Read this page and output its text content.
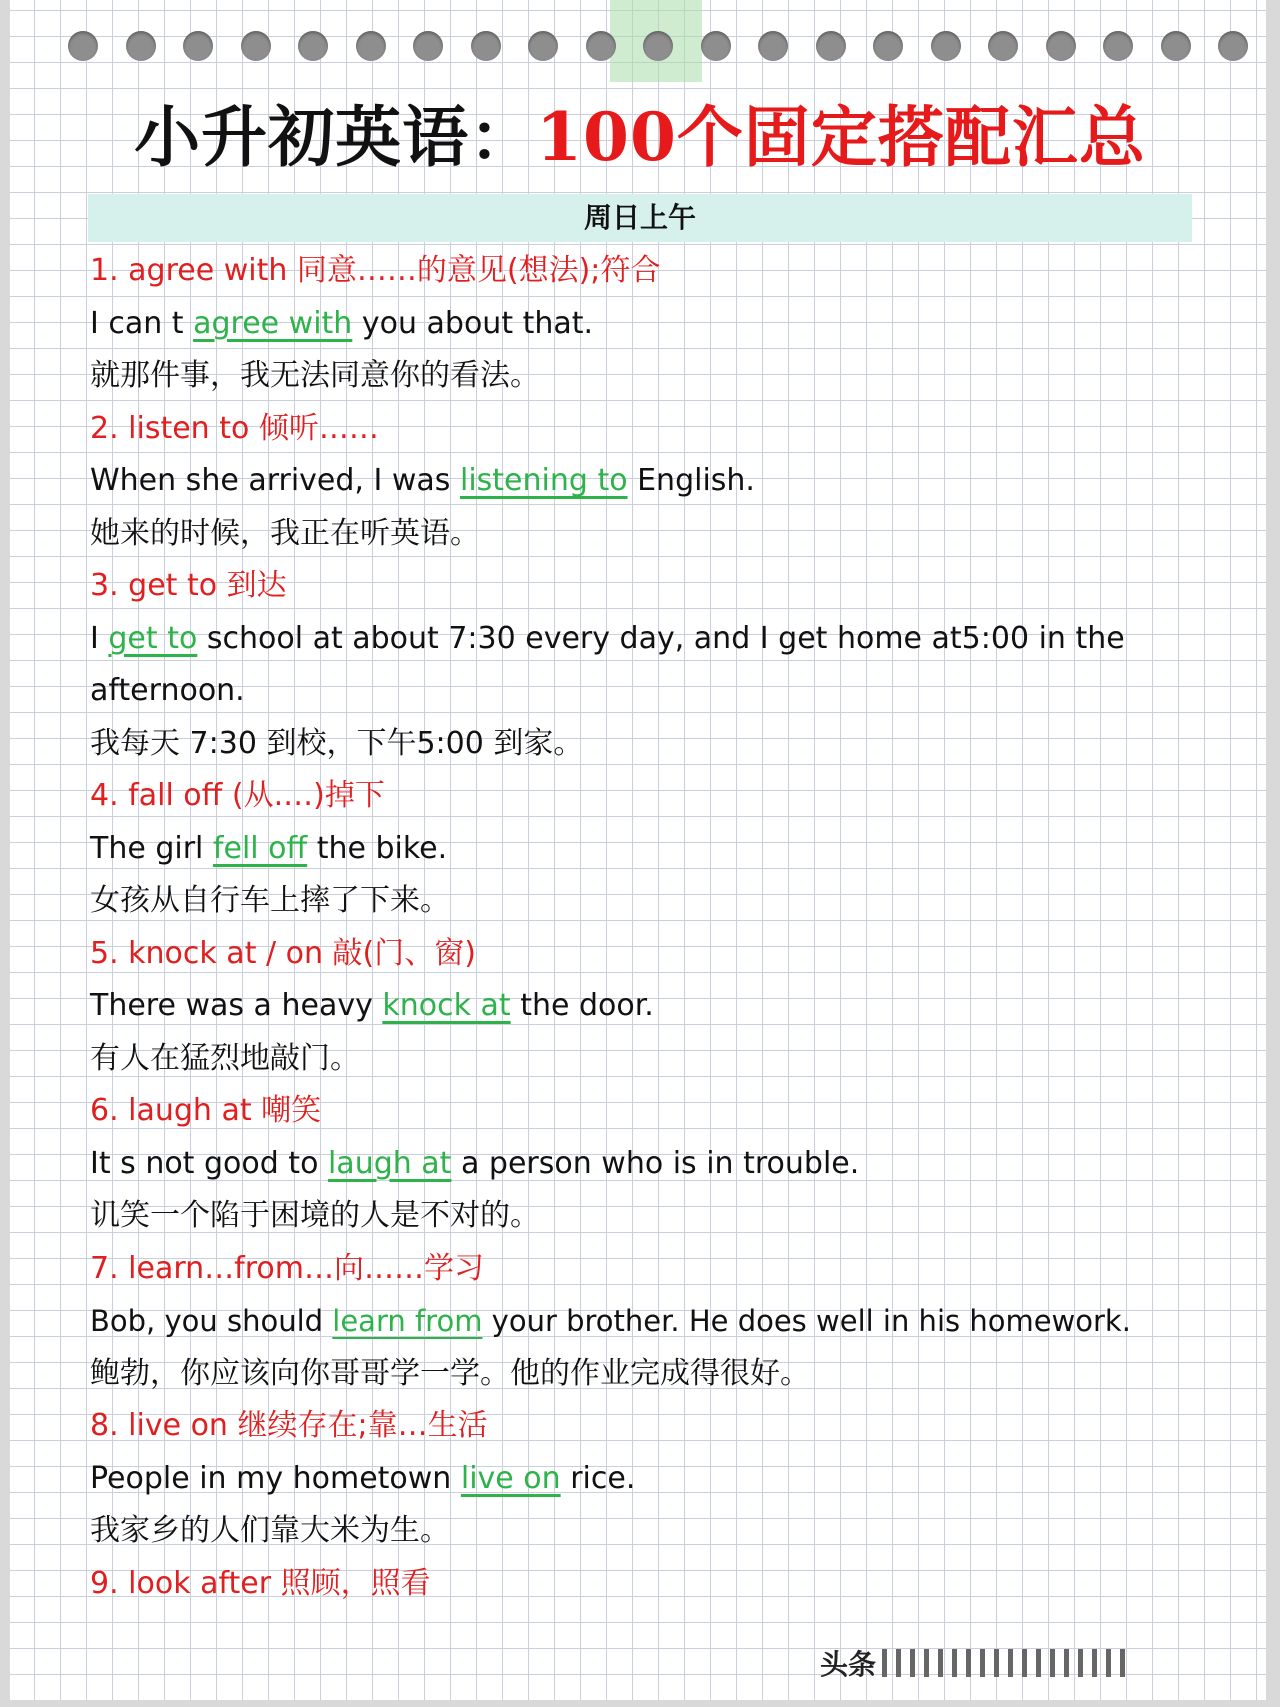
小升初英语：100个固定搭配汇总
周日上午
1. agree with 同意……的意见(想法);符合
I can t agree with you about that.
就那件事，我无法同意你的看法。
2. listen to 倾听……
When she arrived, I was listening to English.
她来的时候，我正在听英语。
3. get to 到达
I get to school at about 7:30 every day, and I get home at5:00 in the afternoon.
我每天 7:30 到校，下午5:00 到家。
4. fall off (从.…)掉下
The girl fell off the bike.
女孩从自行车上摔了下来。
5. knock at / on 敲(门、窗)
There was a heavy knock at the door.
有人在猛烈地敲门。
6. laugh at 嘲笑
It s not good to laugh at a person who is in trouble.
讥笑一个陷于困境的人是不对的。
7. learn…from…向……学习
Bob, you should learn from your brother. He does well in his homework.
鲍勃，你应该向你哥哥学一学。他的作业完成得很好。
8. live on 继续存在;靠…生活
People in my hometown live on rice.
我家乡的人们靠大米为生。
9. look after 照顾，照看
头条
